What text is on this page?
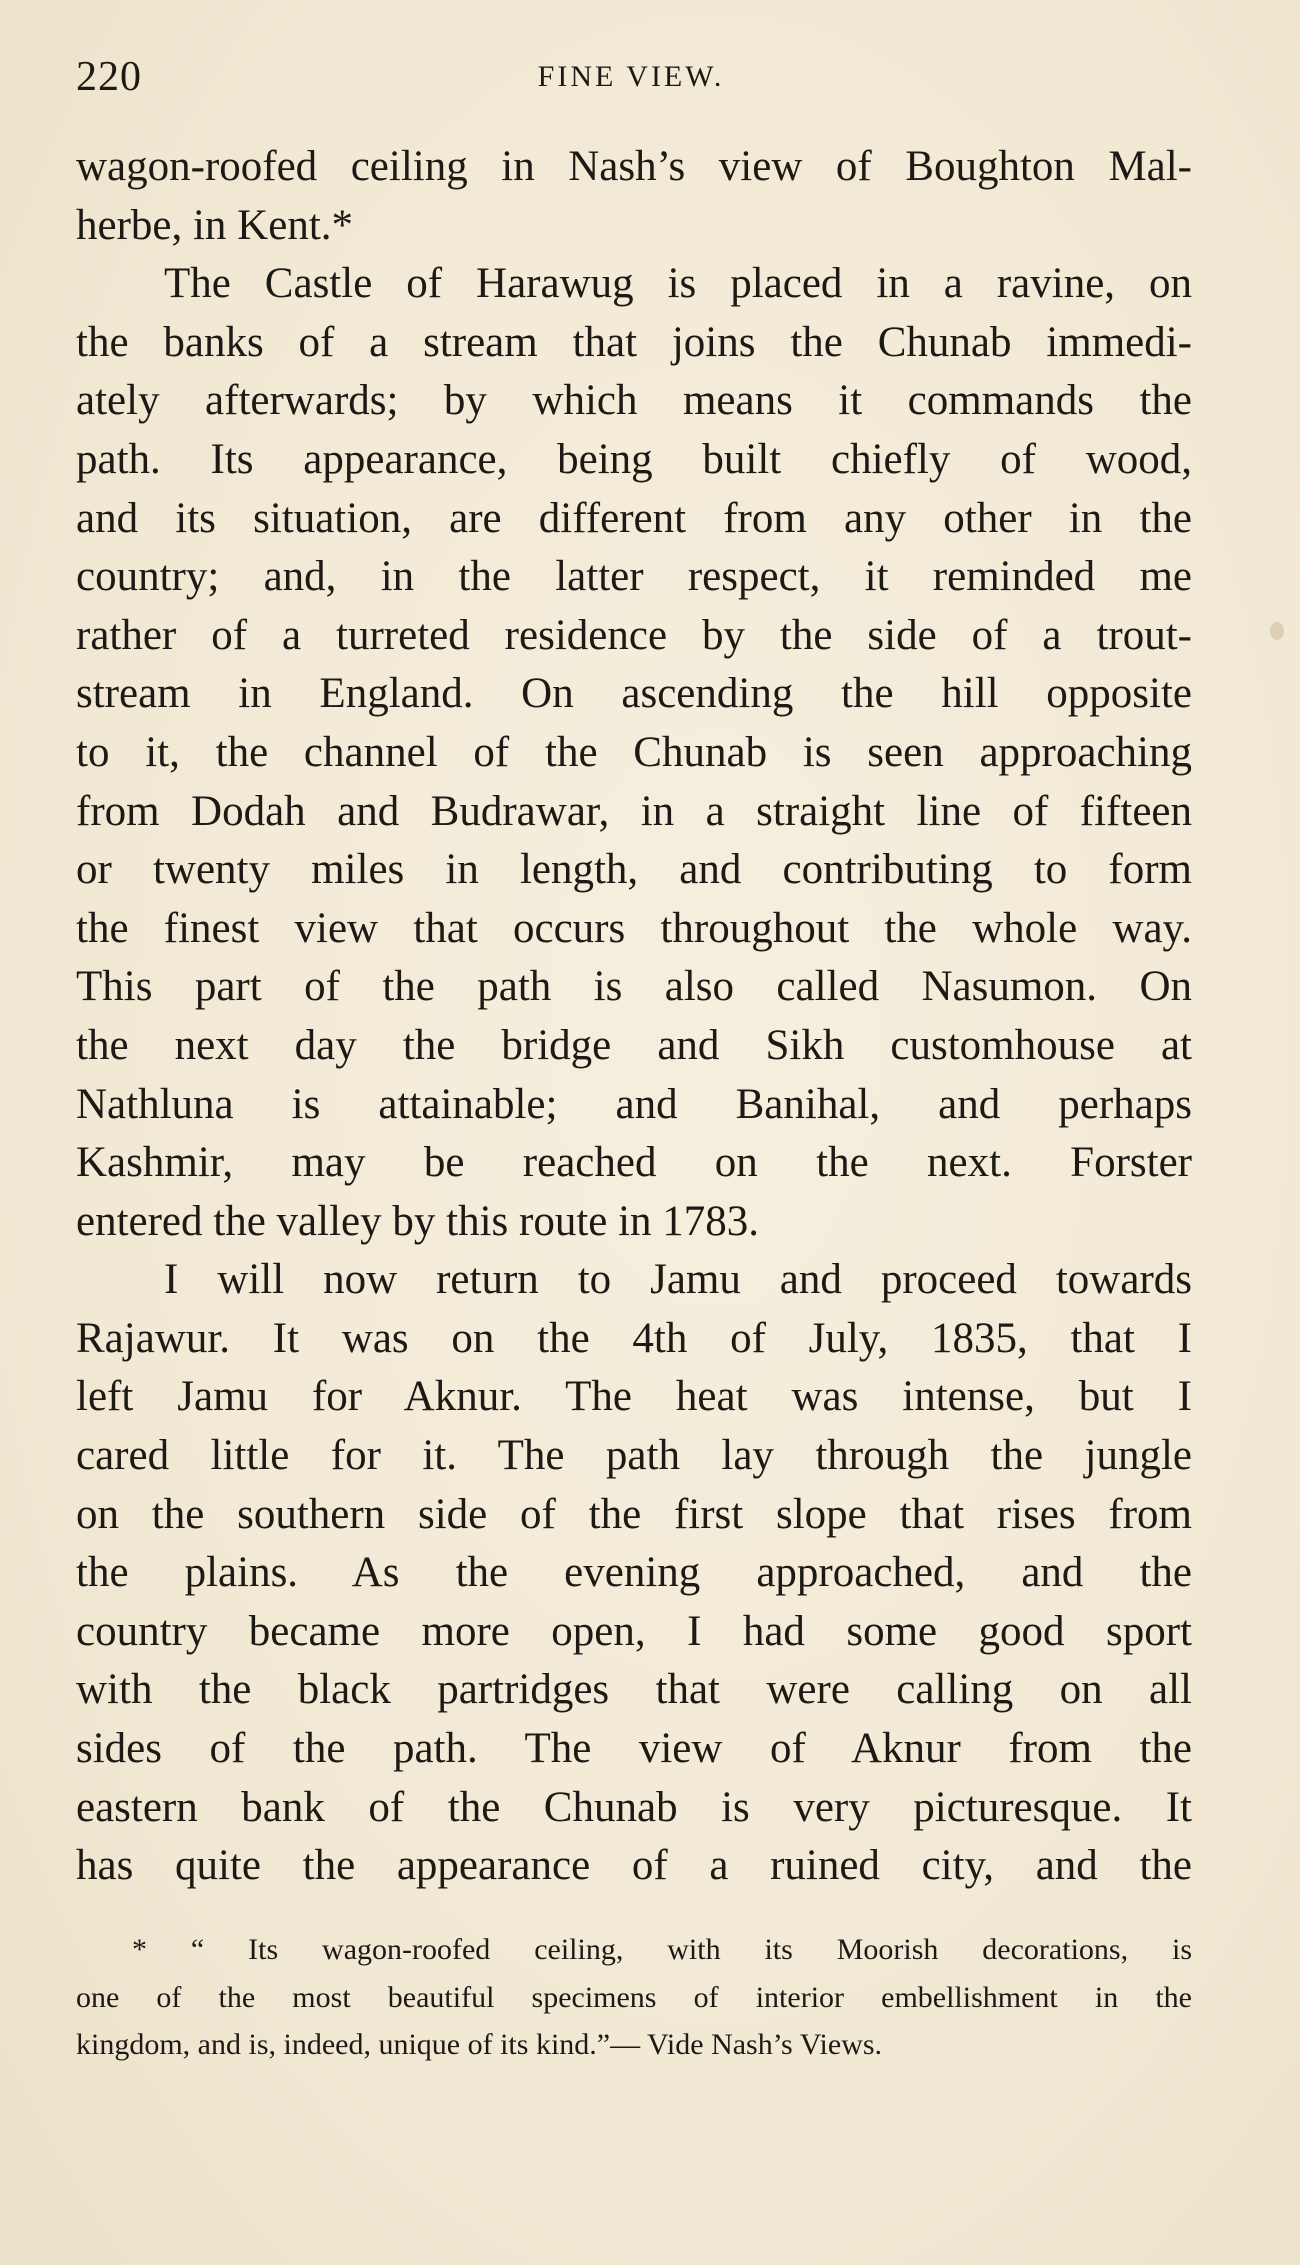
220	FINE VIEW.
wagon-roofed ceiling in Nash’s view of Boughton Mal-
herbe, in Kent.*
The Castle of Harawug is placed in a ravine, on
the banks of a stream that joins the Chunab immedi-
ately afterwards; by which means it commands the
path. Its appearance, being built chiefly of wood,
and its situation, are different from any other in the
country; and, in the latter respect, it reminded me
rather of a turreted residence by the side of a trout-
stream in England. On ascending the hill opposite
to it, the channel of the Chunab is seen approaching
from Dodah and Budrawar, in a straight line of fifteen
or twenty miles in length, and contributing to form
the finest view that occurs throughout the whole way.
This part of the path is also called Nasumon. On
the next day the bridge and Sikh customhouse at
Nathluna is attainable; and Banihal, and perhaps
Kashmir, may be reached on the next. Forster
entered the valley by this route in 1783.
I will now return to Jamu and proceed towards
Rajawur. It was on the 4th of July, 1835, that I
left Jamu for Aknur. The heat was intense, but I
cared little for it. The path lay through the jungle
on the southern side of the first slope that rises from
the plains. As the evening approached, and the
country became more open, I had some good sport
with the black partridges that were calling on all
sides of the path. The view of Aknur from the
eastern bank of the Chunab is very picturesque. It
has quite the appearance of a ruined city, and the
* “ Its wagon-roofed ceiling, with its Moorish decorations, is
one of the most beautiful specimens of interior embellishment in the
kingdom, and is, indeed, unique of its kind.”— Vide Nash’s Views.
